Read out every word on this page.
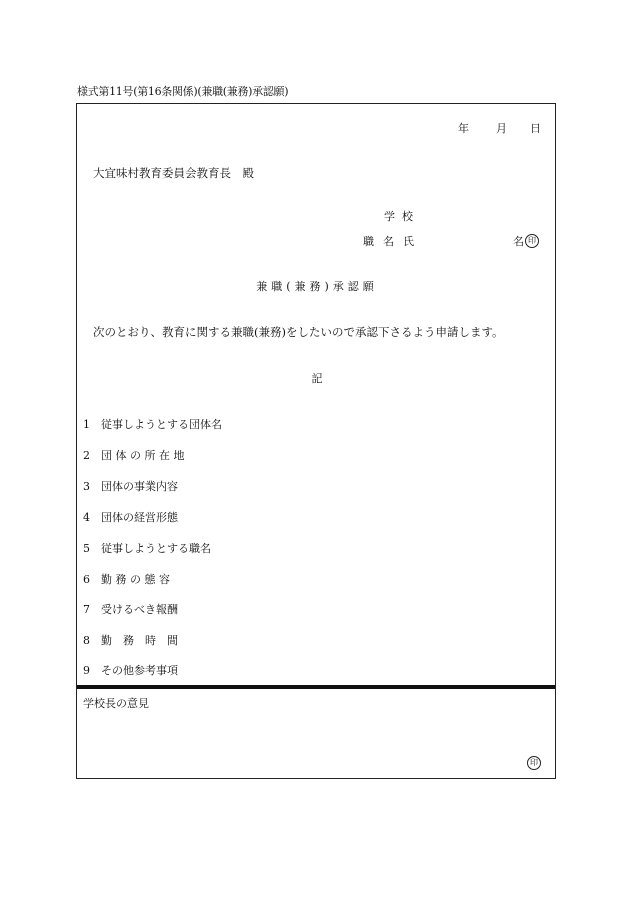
様式第11号(第16条関係)(兼職(兼務)承認願)
年 月 日
大宜味村教育委員会教育長　殿
学校
職名氏	名 印
兼職(兼務)承認願
次のとおり、教育に関する兼職(兼務)をしたいので承認下さるよう申請します。
記
1 従事しようとする団体名
2 団 体 の 所 在 地
3 団体の事業内容
4 団体の経営形態
5 従事しようとする職名
6 勤 務 の 態 容
7 受けるべき報酬
8 勤　務　時　間
9 その他参考事項
学校長の意見
印
